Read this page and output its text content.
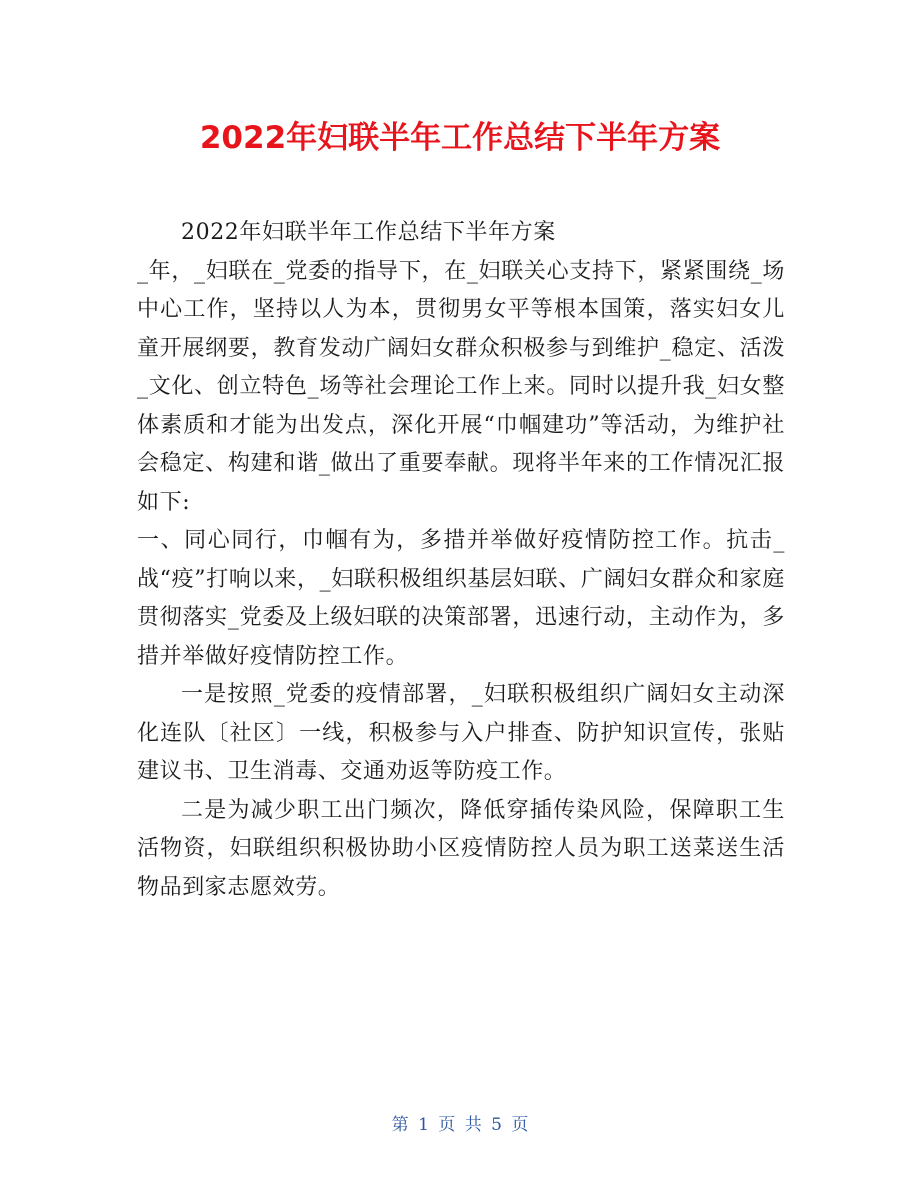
2022年妇联半年工作总结下半年方案

2022年妇联半年工作总结下半年方案

_年，_妇联在_党委的指导下，在_妇联关心支持下，紧紧围绕_场中心工作，坚持以人为本，贯彻男女平等根本国策，落实妇女儿童开展纲要，教育发动广阔妇女群众积极参与到维护_稳定、活泼_文化、创立特色_场等社会理论工作上来。同时以提升我_妇女整体素质和才能为出发点，深化开展“巾帼建功”等活动，为维护社会稳定、构建和谐_做出了重要奉献。现将半年来的工作情况汇报如下:

一、同心同行，巾帼有为，多措并举做好疫情防控工作。抗击_战“疫”打响以来，_妇联积极组织基层妇联、广阔妇女群众和家庭贯彻落实_党委及上级妇联的决策部署，迅速行动，主动作为，多措并举做好疫情防控工作。

一是按照_党委的疫情部署，_妇联积极组织广阔妇女主动深化连队〔社区〕一线，积极参与入户排查、防护知识宣传，张贴建议书、卫生消毒、交通劝返等防疫工作。

二是为减少职工出门频次，降低穿插传染风险，保障职工生活物资，妇联组织积极协助小区疫情防控人员为职工送菜送生活物品到家志愿效劳。

第 1 页 共 5 页
